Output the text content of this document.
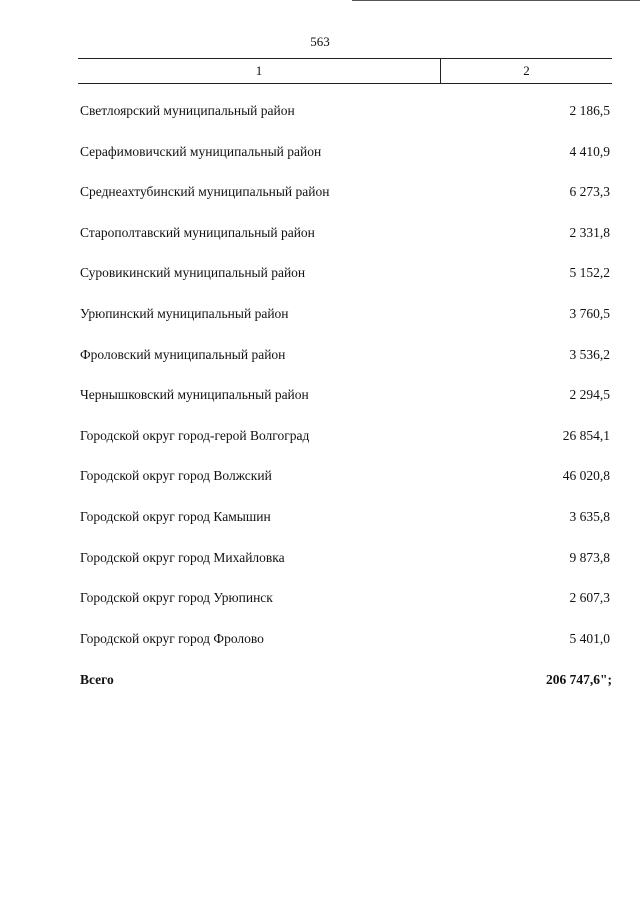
563
1	2
Светлоярский муниципальный район	2 186,5
Серафимовичский муниципальный район	4 410,9
Среднеахтубинский муниципальный район	6 273,3
Старополтавский муниципальный район	2 331,8
Суровикинский муниципальный район	5 152,2
Урюпинский муниципальный район	3 760,5
Фроловский муниципальный район	3 536,2
Чернышковский муниципальный район	2 294,5
Городской округ город-герой Волгоград	26 854,1
Городской округ город Волжский	46 020,8
Городской округ город Камышин	3 635,8
Городской округ город Михайловка	9 873,8
Городской округ город Урюпинск	2 607,3
Городской округ город Фролово	5 401,0
Всего	206 747,6";
